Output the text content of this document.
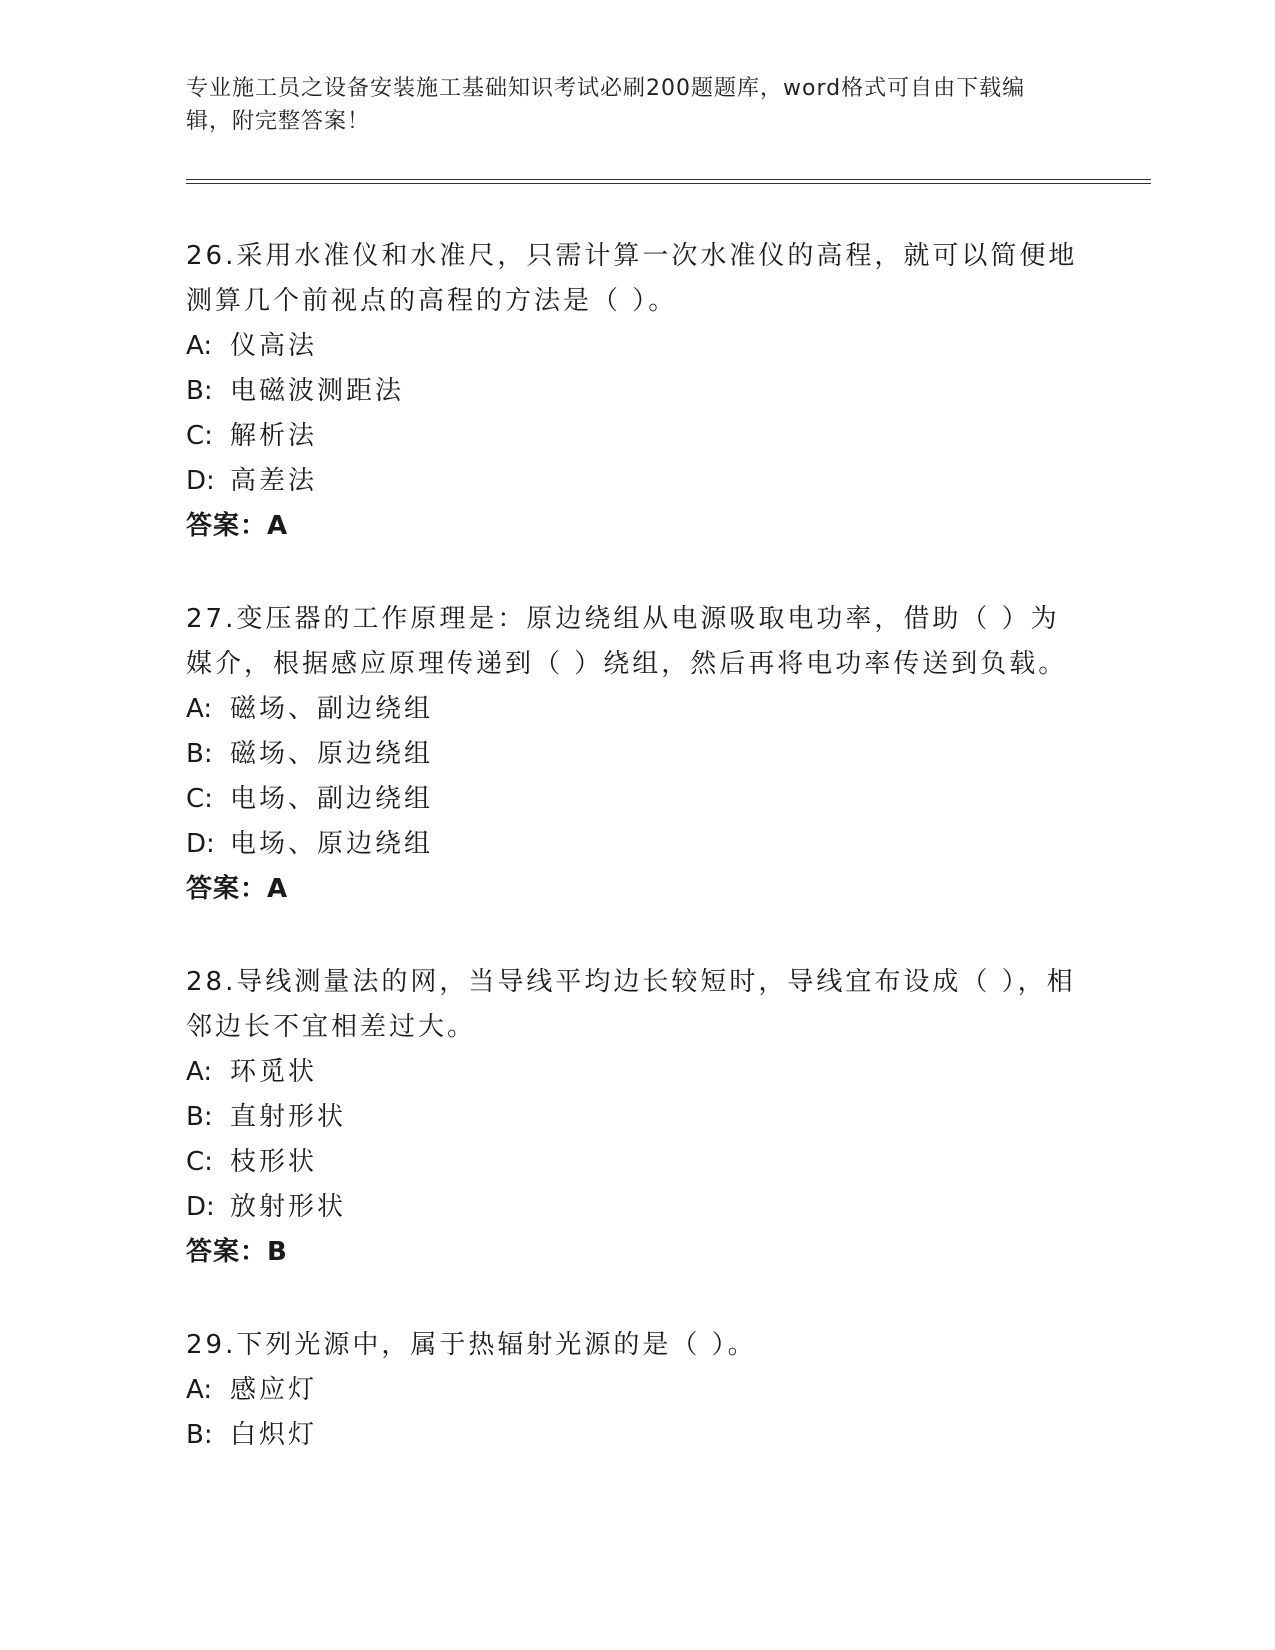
专业施工员之设备安装施工基础知识考试必刷200题题库，word格式可自由下载编辑，附完整答案！

26.采用水准仪和水准尺，只需计算一次水准仪的高程，就可以简便地测算几个前视点的高程的方法是（ ）。

A: 仪高法

B: 电磁波测距法

C: 解析法

D: 高差法

答案：A

27.变压器的工作原理是：原边绕组从电源吸取电功率，借助（ ）为媒介，根据感应原理传递到（ ）绕组，然后再将电功率传送到负载。

A: 磁场、副边绕组

B: 磁场、原边绕组

C: 电场、副边绕组

D: 电场、原边绕组

答案：A

28.导线测量法的网，当导线平均边长较短时，导线宜布设成（ ），相邻边长不宜相差过大。

A: 环觅状

B: 直射形状

C: 枝形状

D: 放射形状

答案：B

29.下列光源中，属于热辐射光源的是（ ）。

A: 感应灯

B: 白炽灯
